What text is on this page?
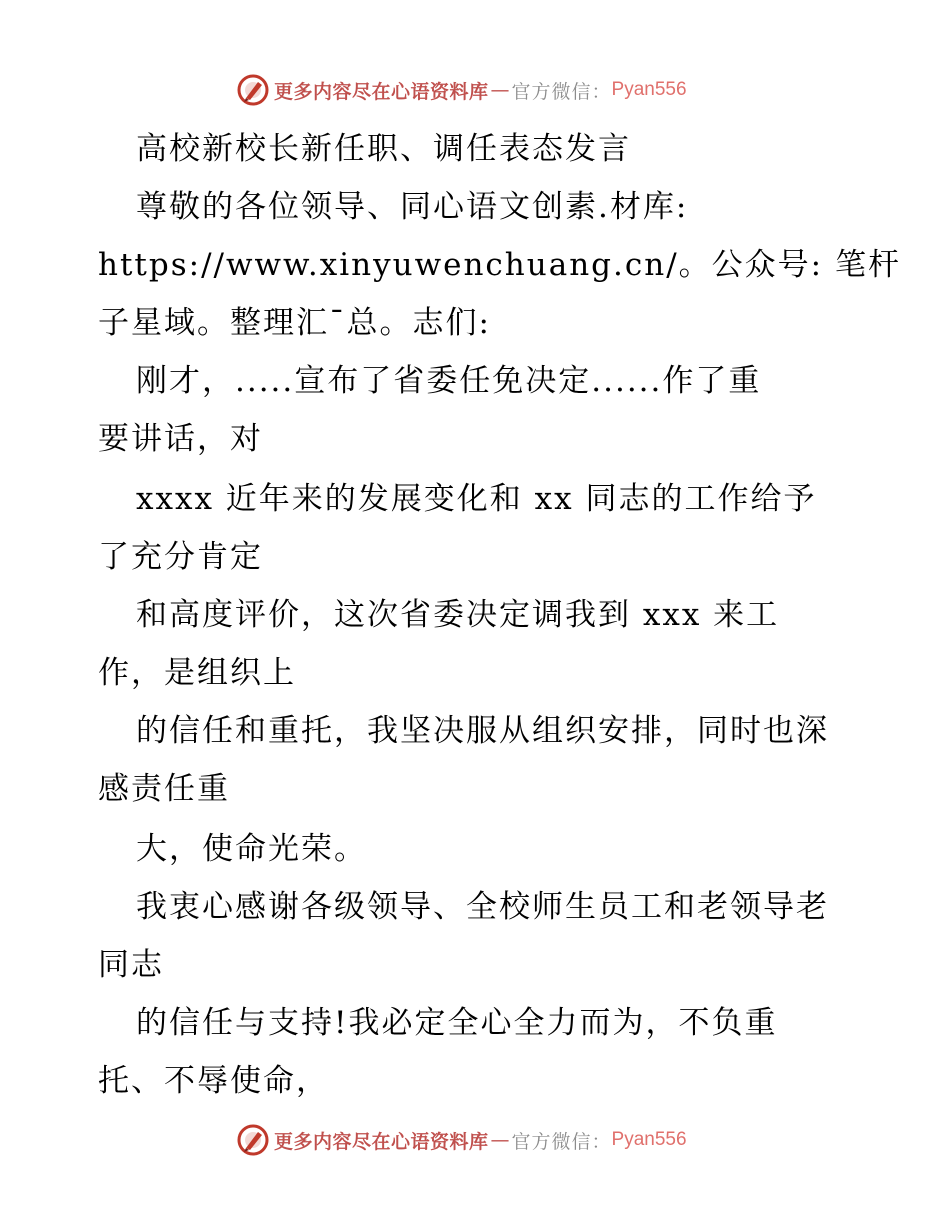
更多内容尽在心语资料库 — 官方微信： Pyan556

高校新校长新任职、调任表态发言

尊敬的各位领导、同心语文创素.材库:

https://www.xinyuwenchuang.cn/。公众号: 笔杆

子星域。整理汇¯总。志们:

刚才，.....宣布了省委任免决定......作了重

要讲话，对

xxxx 近年来的发展变化和 xx 同志的工作给予

了充分肯定

和高度评价，这次省委决定调我到 xxx 来工

作，是组织上

的信任和重托，我坚决服从组织安排，同时也深

感责任重

大，使命光荣。

我衷心感谢各级领导、全校师生员工和老领导老

同志

的信任与支持!我必定全心全力而为，不负重

托、不辱使命，

更多内容尽在心语资料库 — 官方微信： Pyan556
